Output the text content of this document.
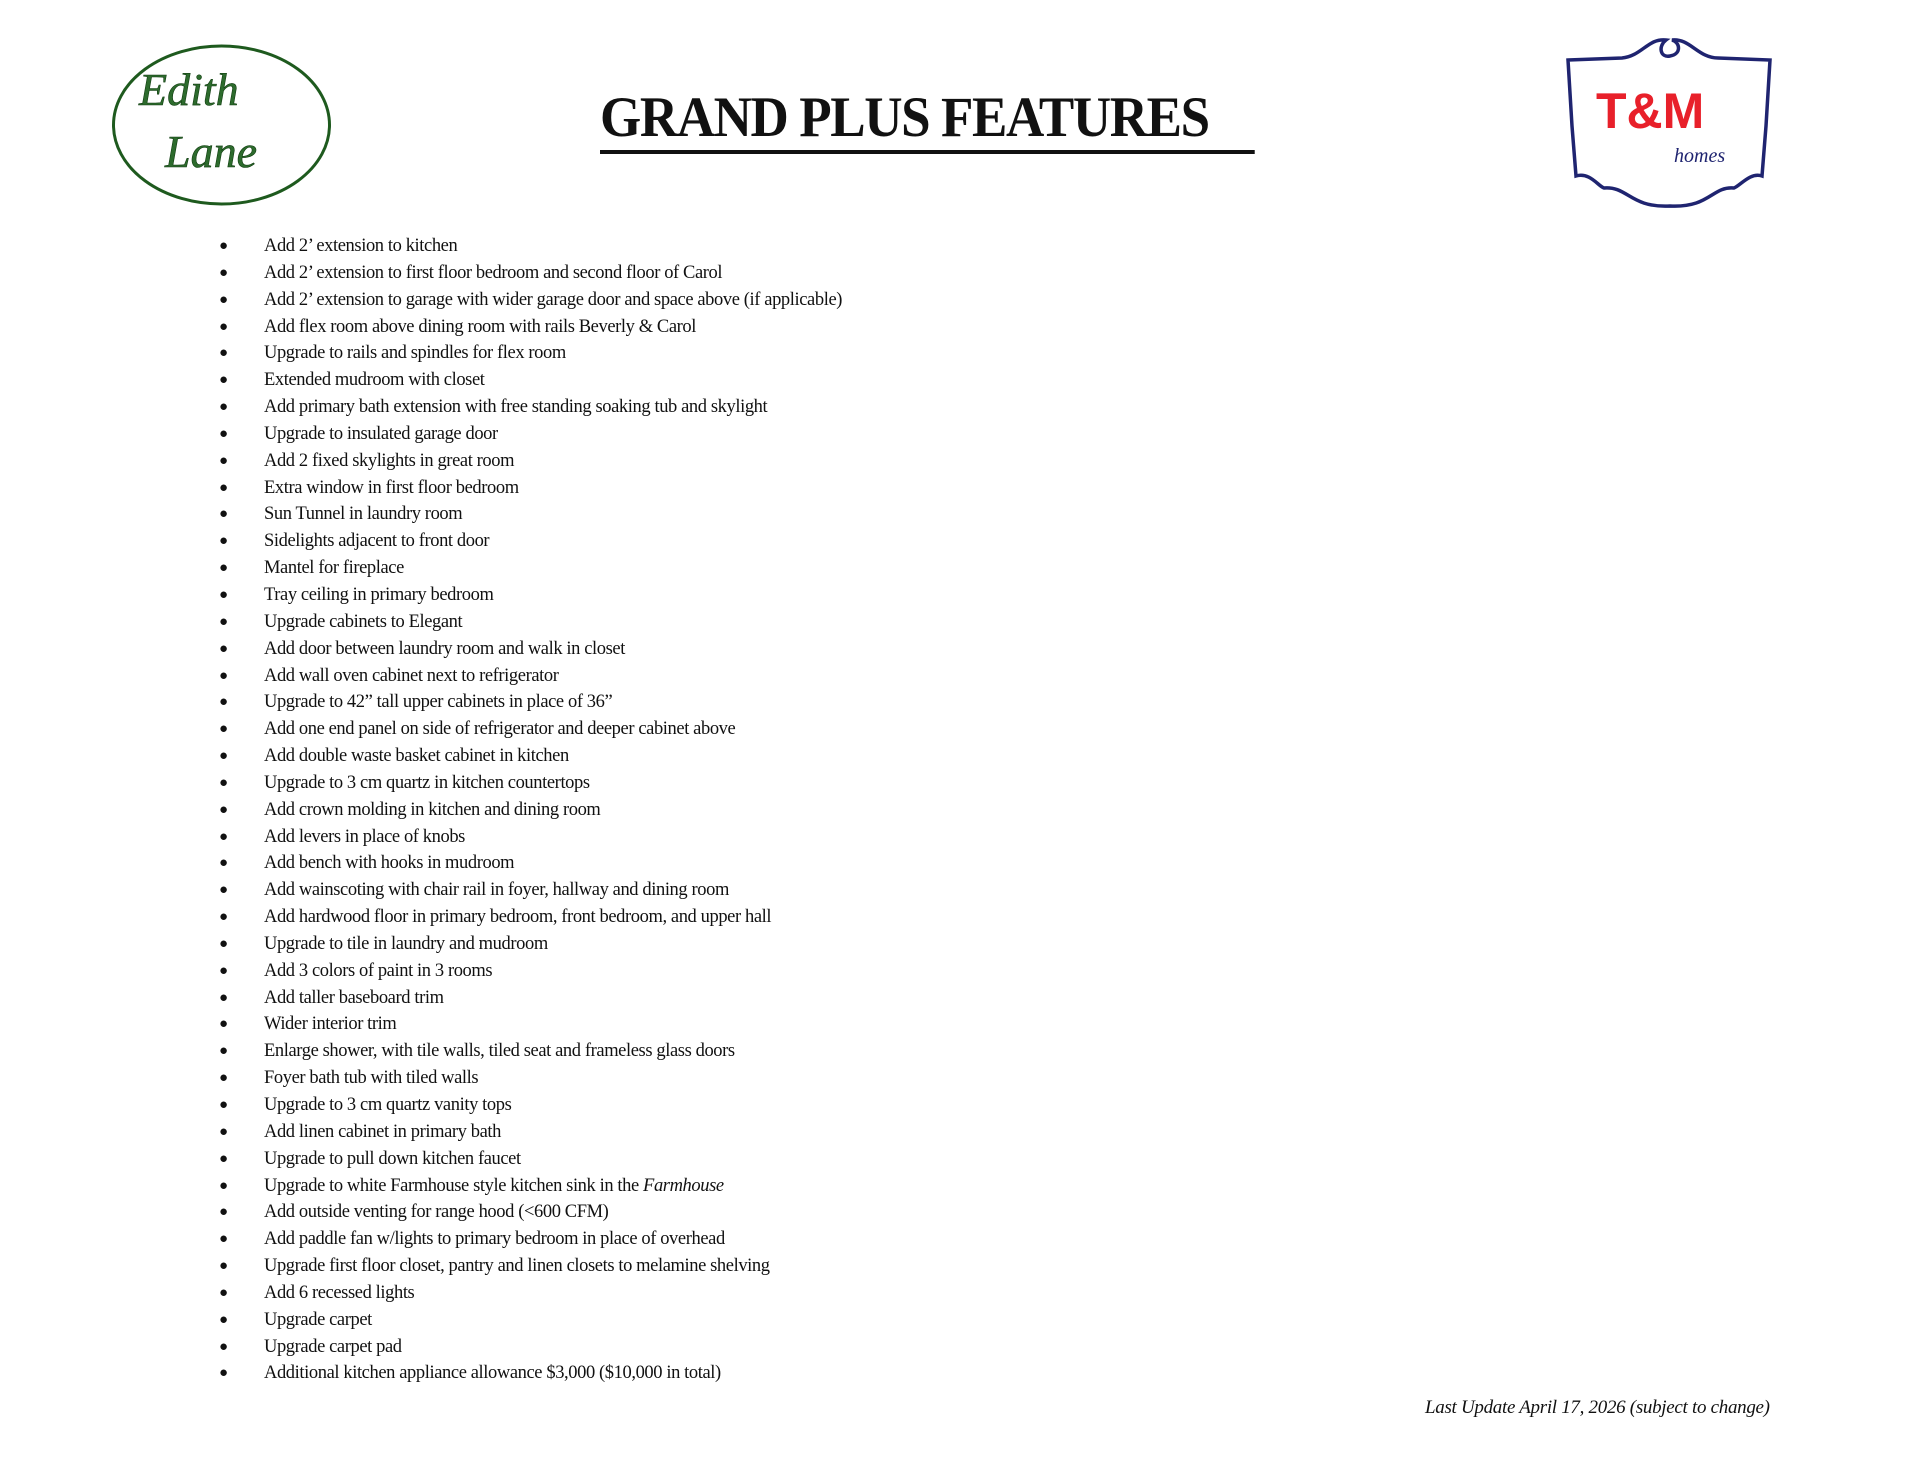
Edith
Lane
GRAND PLUS FEATURES	T&M
homes
● Add 2’ extension to kitchen
● Add 2’ extension to first floor bedroom and second floor of Carol
● Add 2’ extension to garage with wider garage door and space above (if applicable)
● Add flex room above dining room with rails Beverly & Carol
● Upgrade to rails and spindles for flex room
● Extended mudroom with closet
● Add primary bath extension with free standing soaking tub and skylight
● Upgrade to insulated garage door
● Add 2 fixed skylights in great room
● Extra window in first floor bedroom
● Sun Tunnel in laundry room
● Sidelights adjacent to front door
● Mantel for fireplace
● Tray ceiling in primary bedroom
● Upgrade cabinets to Elegant
● Add door between laundry room and walk in closet
● Add wall oven cabinet next to refrigerator
● Upgrade to 42” tall upper cabinets in place of 36”
● Add one end panel on side of refrigerator and deeper cabinet above
● Add double waste basket cabinet in kitchen
● Upgrade to 3 cm quartz in kitchen countertops
● Add crown molding in kitchen and dining room
● Add levers in place of knobs
● Add bench with hooks in mudroom
● Add wainscoting with chair rail in foyer, hallway and dining room
● Add hardwood floor in primary bedroom, front bedroom, and upper hall
● Upgrade to tile in laundry and mudroom
● Add 3 colors of paint in 3 rooms
● Add taller baseboard trim
● Wider interior trim
● Enlarge shower, with tile walls, tiled seat and frameless glass doors
● Foyer bath tub with tiled walls
● Upgrade to 3 cm quartz vanity tops
● Add linen cabinet in primary bath
● Upgrade to pull down kitchen faucet
● Upgrade to white Farmhouse style kitchen sink in the Farmhouse
● Add outside venting for range hood (<600 CFM)
● Add paddle fan w/lights to primary bedroom in place of overhead
● Upgrade first floor closet, pantry and linen closets to melamine shelving
● Add 6 recessed lights
● Upgrade carpet
● Upgrade carpet pad
● Additional kitchen appliance allowance $3,000 ($10,000 in total)
Last Update April 17, 2026 (subject to change)
